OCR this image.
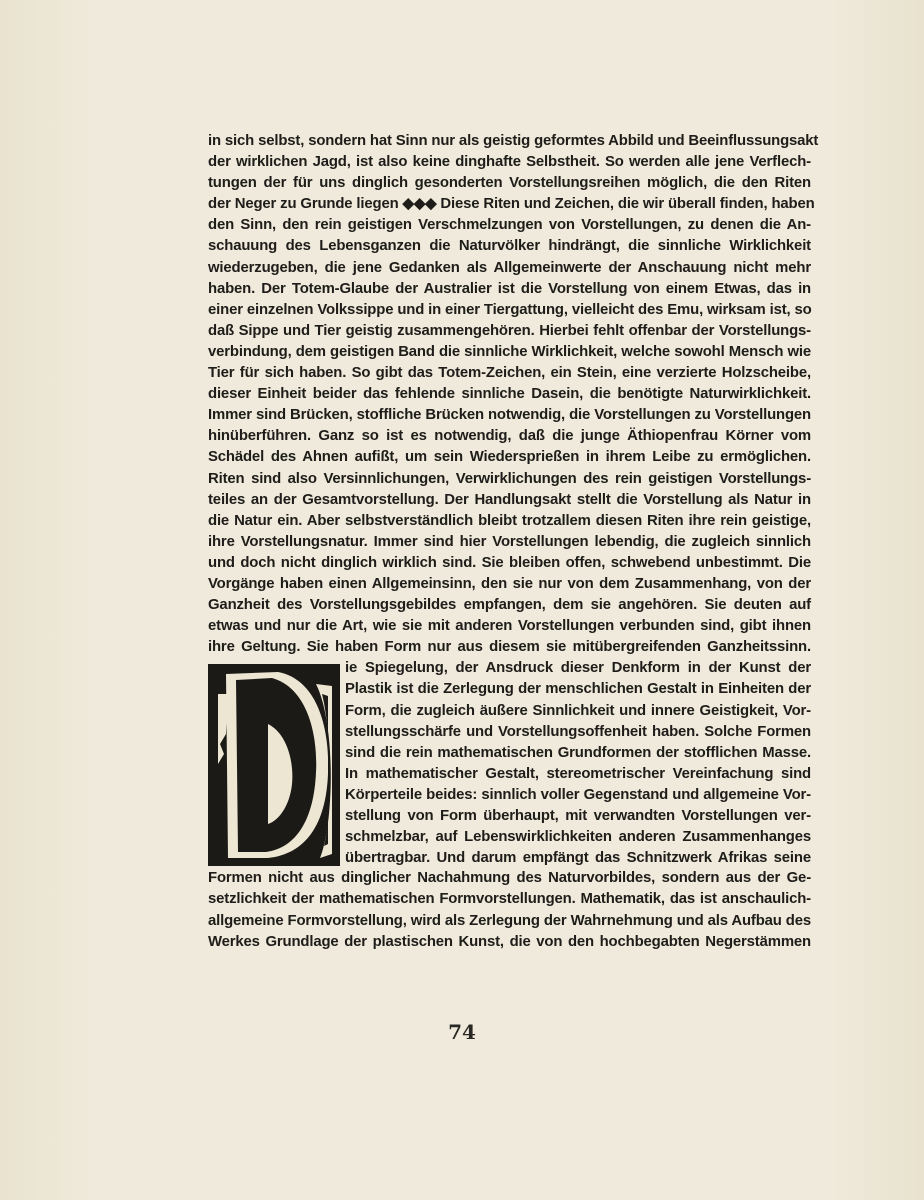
in sich selbst, sondern hat Sinn nur als geistig geformtes Abbild und Beeinflussungsakt
der wirklichen Jagd, ist also keine dinghafte Selbstheit. So werden alle jene Verflech-
tungen der für uns dinglich gesonderten Vorstellungsreihen möglich, die den Riten
der Neger zu Grunde liegen ◆◆◆ Diese Riten und Zeichen, die wir überall finden, haben
den Sinn, den rein geistigen Verschmelzungen von Vorstellungen, zu denen die An-
schauung des Lebensganzen die Naturvölker hindrängt, die sinnliche Wirklichkeit
wiederzugeben, die jene Gedanken als Allgemeinwerte der Anschauung nicht mehr
haben. Der Totem-Glaube der Australier ist die Vorstellung von einem Etwas, das in
einer einzelnen Volkssippe und in einer Tiergattung, vielleicht des Emu, wirksam ist, so
daß Sippe und Tier geistig zusammengehören. Hierbei fehlt offenbar der Vorstellungs-
verbindung, dem geistigen Band die sinnliche Wirklichkeit, welche sowohl Mensch wie
Tier für sich haben. So gibt das Totem-Zeichen, ein Stein, eine verzierte Holzscheibe,
dieser Einheit beider das fehlende sinnliche Dasein, die benötigte Naturwirklichkeit.
Immer sind Brücken, stoffliche Brücken notwendig, die Vorstellungen zu Vorstellungen
hinüberführen. Ganz so ist es notwendig, daß die junge Äthiopenfrau Körner vom
Schädel des Ahnen aufißt, um sein Wiedersprießen in ihrem Leibe zu ermöglichen.
Riten sind also Versinnlichungen, Verwirklichungen des rein geistigen Vorstellungs-
teiles an der Gesamtvorstellung. Der Handlungsakt stellt die Vorstellung als Natur in
die Natur ein. Aber selbstverständlich bleibt trotzallem diesen Riten ihre rein geistige,
ihre Vorstellungsnatur. Immer sind hier Vorstellungen lebendig, die zugleich sinnlich
und doch nicht dinglich wirklich sind. Sie bleiben offen, schwebend unbestimmt. Die
Vorgänge haben einen Allgemeinsinn, den sie nur von dem Zusammenhang, von der
Ganzheit des Vorstellungsgebildes empfangen, dem sie angehören. Sie deuten auf
etwas und nur die Art, wie sie mit anderen Vorstellungen verbunden sind, gibt ihnen
ihre Geltung. Sie haben Form nur aus diesem sie mitübergreifenden Ganzheitssinn.
ie Spiegelung, der Ansdruck dieser Denkform in der Kunst der
Plastik ist die Zerlegung der menschlichen Gestalt in Einheiten der
Form, die zugleich äußere Sinnlichkeit und innere Geistigkeit, Vor-
stellungsschärfe und Vorstellungsoffenheit haben. Solche Formen
sind die rein mathematischen Grundformen der stofflichen Masse.
In mathematischer Gestalt, stereometrischer Vereinfachung sind
Körperteile beides: sinnlich voller Gegenstand und allgemeine Vor-
stellung von Form überhaupt, mit verwandten Vorstellungen ver-
schmelzbar, auf Lebenswirklichkeiten anderen Zusammenhanges
übertragbar. Und darum empfängt das Schnitzwerk Afrikas seine
Formen nicht aus dinglicher Nachahmung des Naturvorbildes, sondern aus der Ge-
setzlichkeit der mathematischen Formvorstellungen. Mathematik, das ist anschaulich-
allgemeine Formvorstellung, wird als Zerlegung der Wahrnehmung und als Aufbau des
Werkes Grundlage der plastischen Kunst, die von den hochbegabten Negerstämmen
74
